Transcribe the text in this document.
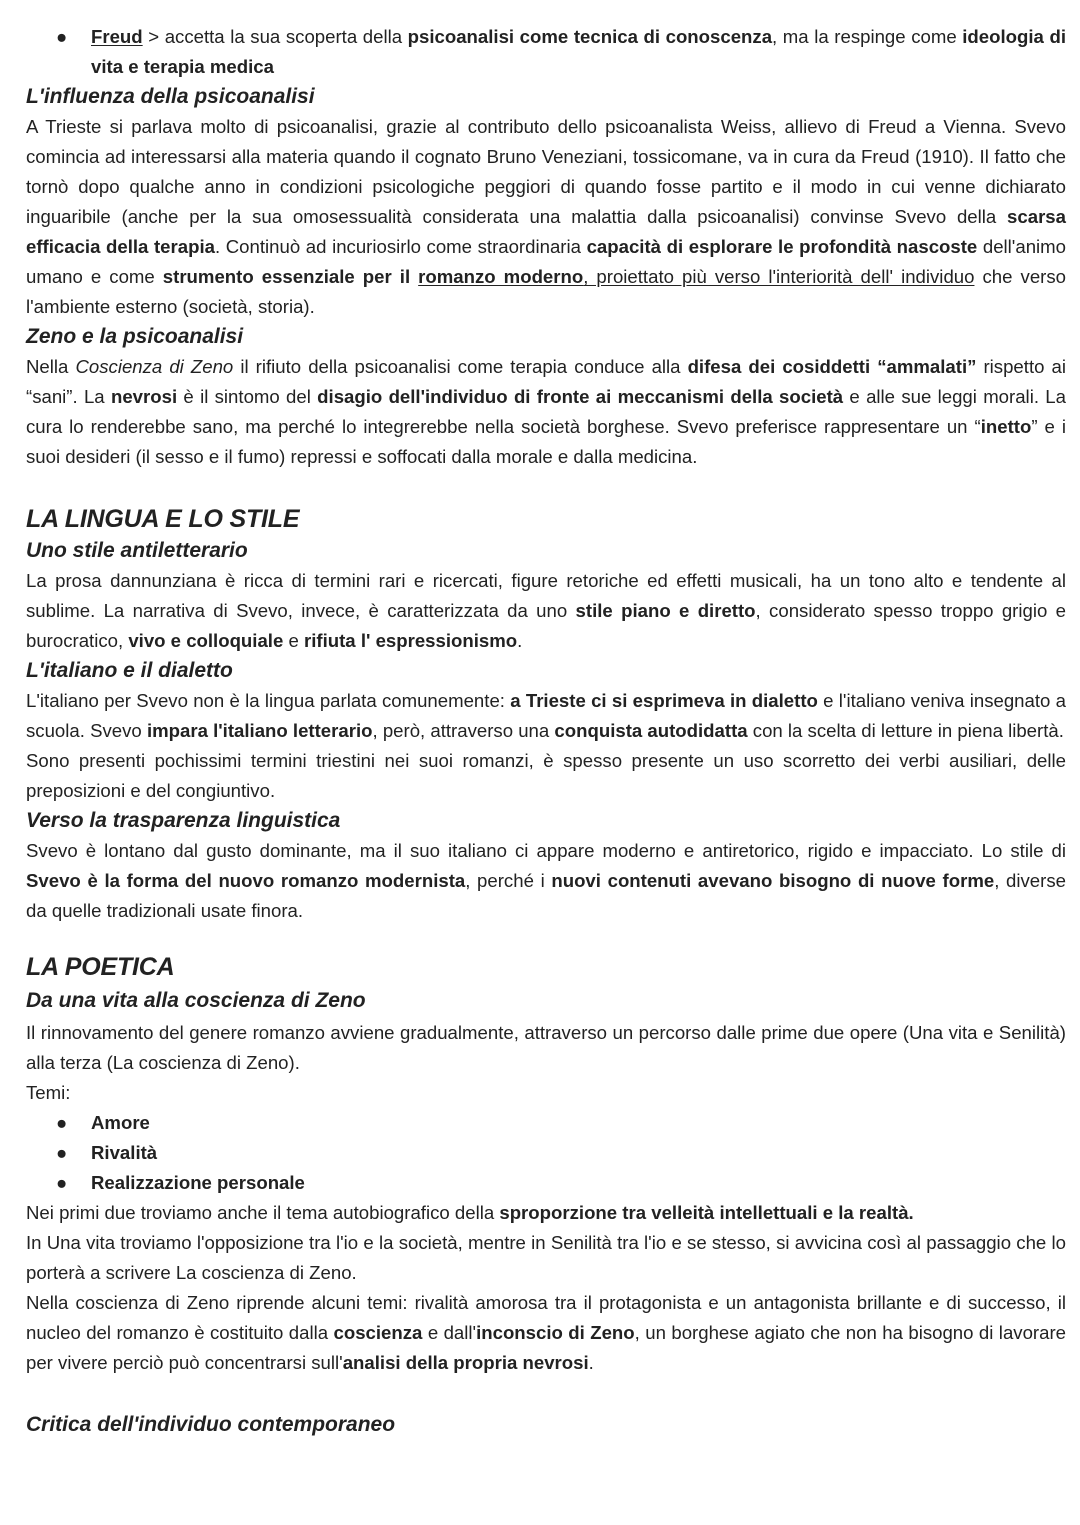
● Freud > accetta la sua scoperta della psicoanalisi come tecnica di conoscenza, ma la respinge come ideologia di vita e terapia medica
L'influenza della psicoanalisi

A Trieste si parlava molto di psicoanalisi, grazie al contributo dello psicoanalista Weiss, allievo di Freud a Vienna. Svevo comincia ad interessarsi alla materia quando il cognato Bruno Veneziani, tossicomane, va in cura da Freud (1910). Il fatto che tornò dopo qualche anno in condizioni psicologiche peggiori di quando fosse partito e il modo in cui venne dichiarato inguaribile (anche per la sua omosessualità considerata una malattia dalla psicoanalisi) convinse Svevo della scarsa efficacia della terapia. Continuò ad incuriosirlo come straordinaria capacità di esplorare le profondità nascoste dell'animo umano e come strumento essenziale per il romanzo moderno, proiettato più verso l'interiorità dell' individuo che verso l'ambiente esterno (società, storia).

Zeno e la psicoanalisi

Nella Coscienza di Zeno il rifiuto della psicoanalisi come terapia conduce alla difesa dei cosiddetti “ammalati” rispetto ai “sani”. La nevrosi è il sintomo del disagio dell'individuo di fronte ai meccanismi della società e alle sue leggi morali. La cura lo renderebbe sano, ma perché lo integrerebbe nella società borghese. Svevo preferisce rappresentare un “inetto” e i suoi desideri (il sesso e il fumo) repressi e soffocati dalla morale e dalla medicina.

LA LINGUA E LO STILE
Uno stile antiletterario

La prosa dannunziana è ricca di termini rari e ricercati, figure retoriche ed effetti musicali, ha un tono alto e tendente al sublime. La narrativa di Svevo, invece, è caratterizzata da uno stile piano e diretto, considerato spesso troppo grigio e burocratico, vivo e colloquiale e rifiuta l' espressionismo.

L'italiano e il dialetto

L'italiano per Svevo non è la lingua parlata comunemente: a Trieste ci si esprimeva in dialetto e l'italiano veniva insegnato a scuola. Svevo impara l'italiano letterario, però, attraverso una conquista autodidatta con la scelta di letture in piena libertà.

Sono presenti pochissimi termini triestini nei suoi romanzi, è spesso presente un uso scorretto dei verbi ausiliari, delle preposizioni e del congiuntivo.

Verso la trasparenza linguistica

Svevo è lontano dal gusto dominante, ma il suo italiano ci appare moderno e antiretorico, rigido e impacciato. Lo stile di Svevo è la forma del nuovo romanzo modernista, perché i nuovi contenuti avevano bisogno di nuove forme, diverse da quelle tradizionali usate finora.

LA POETICA
Da una vita alla coscienza di Zeno

Il rinnovamento del genere romanzo avviene gradualmente, attraverso un percorso dalle prime due opere (Una vita e Senilità) alla terza (La coscienza di Zeno).

Temi:

● Amore
● Rivalità
● Realizzazione personale

Nei primi due troviamo anche il tema autobiografico della sproporzione tra velleità intellettuali e la realtà.

In Una vita troviamo l'opposizione tra l'io e la società, mentre in Senilità tra l'io e se stesso, si avvicina così al passaggio che lo porterà a scrivere La coscienza di Zeno.

Nella coscienza di Zeno riprende alcuni temi: rivalità amorosa tra il protagonista e un antagonista brillante e di successo, il nucleo del romanzo è costituito dalla coscienza e dall'inconscio di Zeno, un borghese agiato che non ha bisogno di lavorare per vivere perciò può concentrarsi sull'analisi della propria nevrosi.

Critica dell'individuo contemporaneo
